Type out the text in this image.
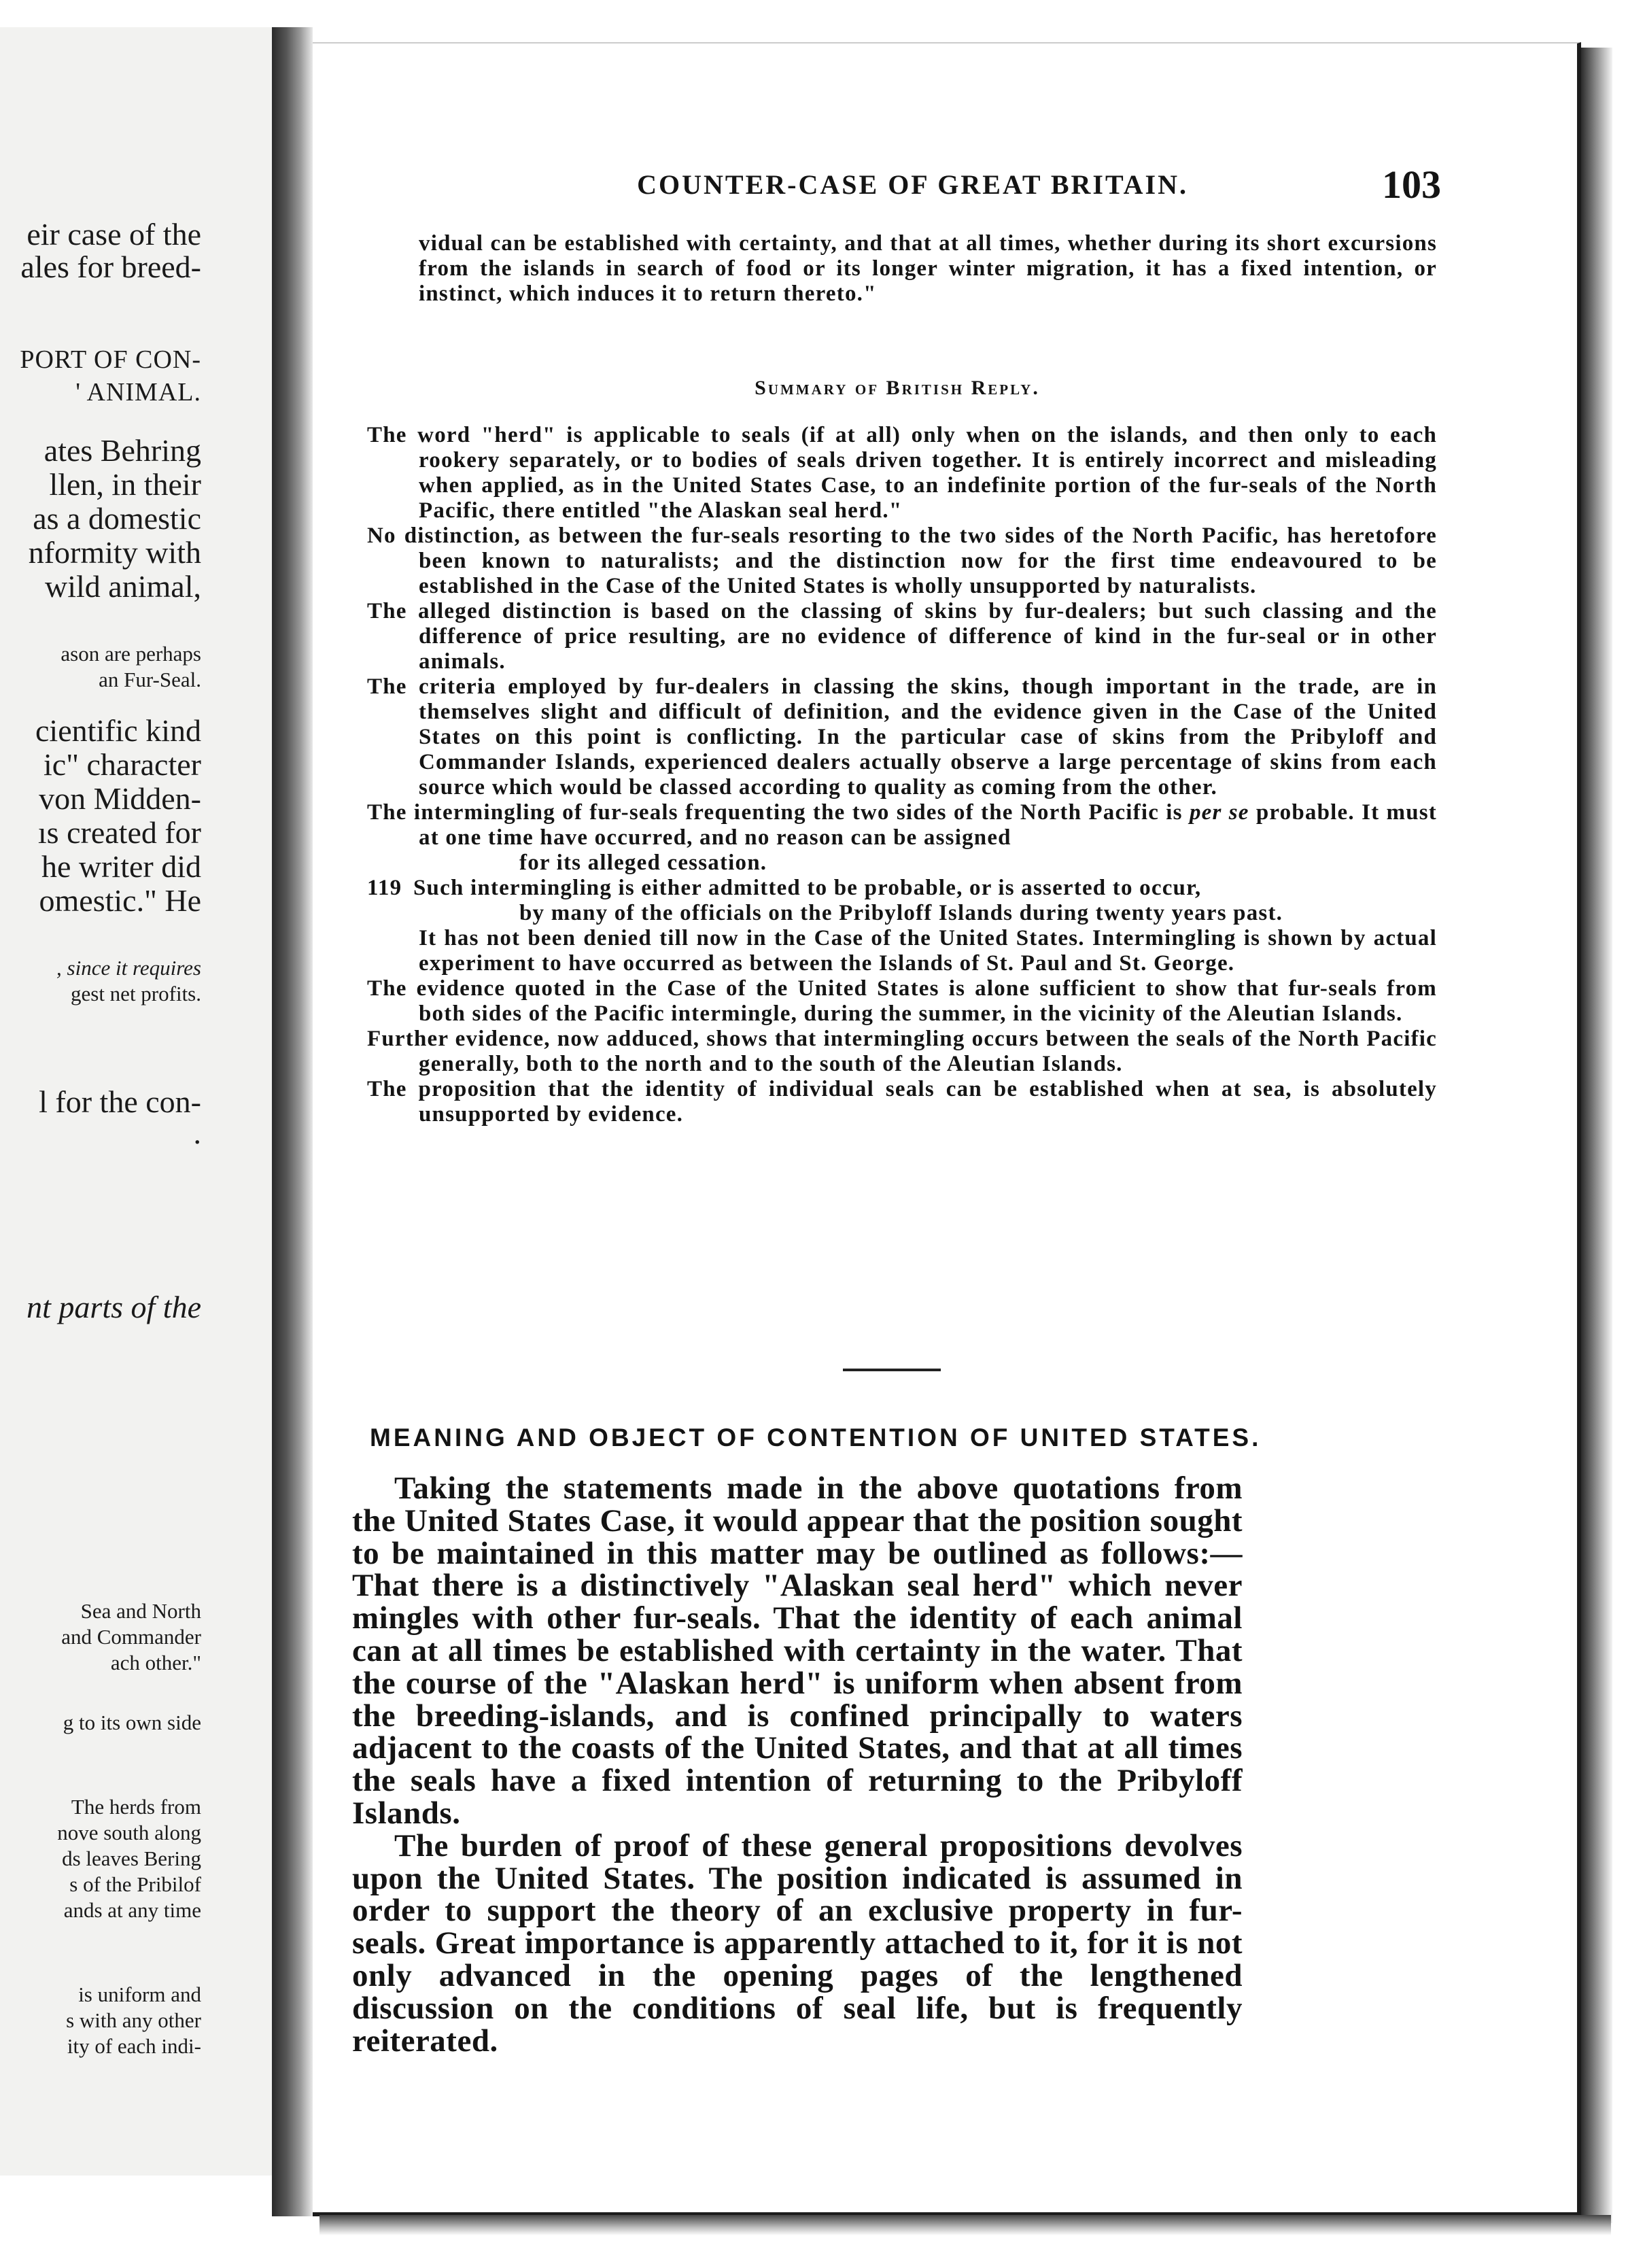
eir case of the
ales for breed-
PORT OF CON-
' ANIMAL.
ates Behring
llen, in their
as a domestic
nformity with
wild animal,
ason are perhaps
an Fur-Seal.
cientific kind
ic" character
von Midden-
ıs created for
he writer did
omestic." He
, since it requires
gest net profits.
l for the con-
.
nt parts of the
Sea and North
and Commander
ach other."
g to its own side
The herds from
nove south along
ds leaves Bering
s of the Pribilof
ands at any time
is uniform and
s with any other
ity of each indi-
COUNTER-CASE OF GREAT BRITAIN.	103
vidual can be established with certainty, and that at all times, whether during its short excursions from the islands in search of food or its longer winter migration, it has a fixed intention, or instinct, which induces it to return thereto."
Summary of British Reply.

The word "herd" is applicable to seals (if at all) only when on the islands, and then only to each rookery separately, or to bodies of seals driven together. It is entirely incorrect and misleading when applied, as in the United States Case, to an indefinite portion of the fur-seals of the North Pacific, there entitled "the Alaskan seal herd."

No distinction, as between the fur-seals resorting to the two sides of the North Pacific, has heretofore been known to naturalists; and the distinction now for the first time endeavoured to be established in the Case of the United States is wholly unsupported by naturalists.

The alleged distinction is based on the classing of skins by fur-dealers; but such classing and the difference of price resulting, are no evidence of difference of kind in the fur-seal or in other animals.

The criteria employed by fur-dealers in classing the skins, though important in the trade, are in themselves slight and difficult of definition, and the evidence given in the Case of the United States on this point is conflicting. In the particular case of skins from the Pribyloff and Commander Islands, experienced dealers actually observe a large percentage of skins from each source which would be classed according to quality as coming from the other.

The intermingling of fur-seals frequenting the two sides of the North Pacific is per se probable. It must at one time have occurred, and no reason can be assigned
for its alleged cessation.

119 Such intermingling is either admitted to be probable, or is asserted to occur,
by many of the officials on the Pribyloff Islands during twenty years past.
It has not been denied till now in the Case of the United States. Intermingling is shown by actual experiment to have occurred as between the Islands of St. Paul and St. George.

The evidence quoted in the Case of the United States is alone sufficient to show that fur-seals from both sides of the Pacific intermingle, during the summer, in the vicinity of the Aleutian Islands.

Further evidence, now adduced, shows that intermingling occurs between the seals of the North Pacific generally, both to the north and to the south of the Aleutian Islands.

The proposition that the identity of individual seals can be established when at sea, is absolutely unsupported by evidence.

MEANING AND OBJECT OF CONTENTION OF UNITED STATES.

Taking the statements made in the above quotations from the United States Case, it would appear that the position sought to be maintained in this matter may be outlined as follows:—That there is a distinctively "Alaskan seal herd" which never mingles with other fur-seals. That the identity of each animal can at all times be established with certainty in the water. That the course of the "Alaskan herd" is uniform when absent from the breeding-islands, and is confined principally to waters adjacent to the coasts of the United States, and that at all times the seals have a fixed intention of returning to the Pribyloff Islands.

The burden of proof of these general propositions devolves upon the United States. The position indicated is assumed in order to support the theory of an exclusive property in fur-seals. Great importance is apparently attached to it, for it is not only advanced in the opening pages of the lengthened discussion on the conditions of seal life, but is frequently reiterated.
